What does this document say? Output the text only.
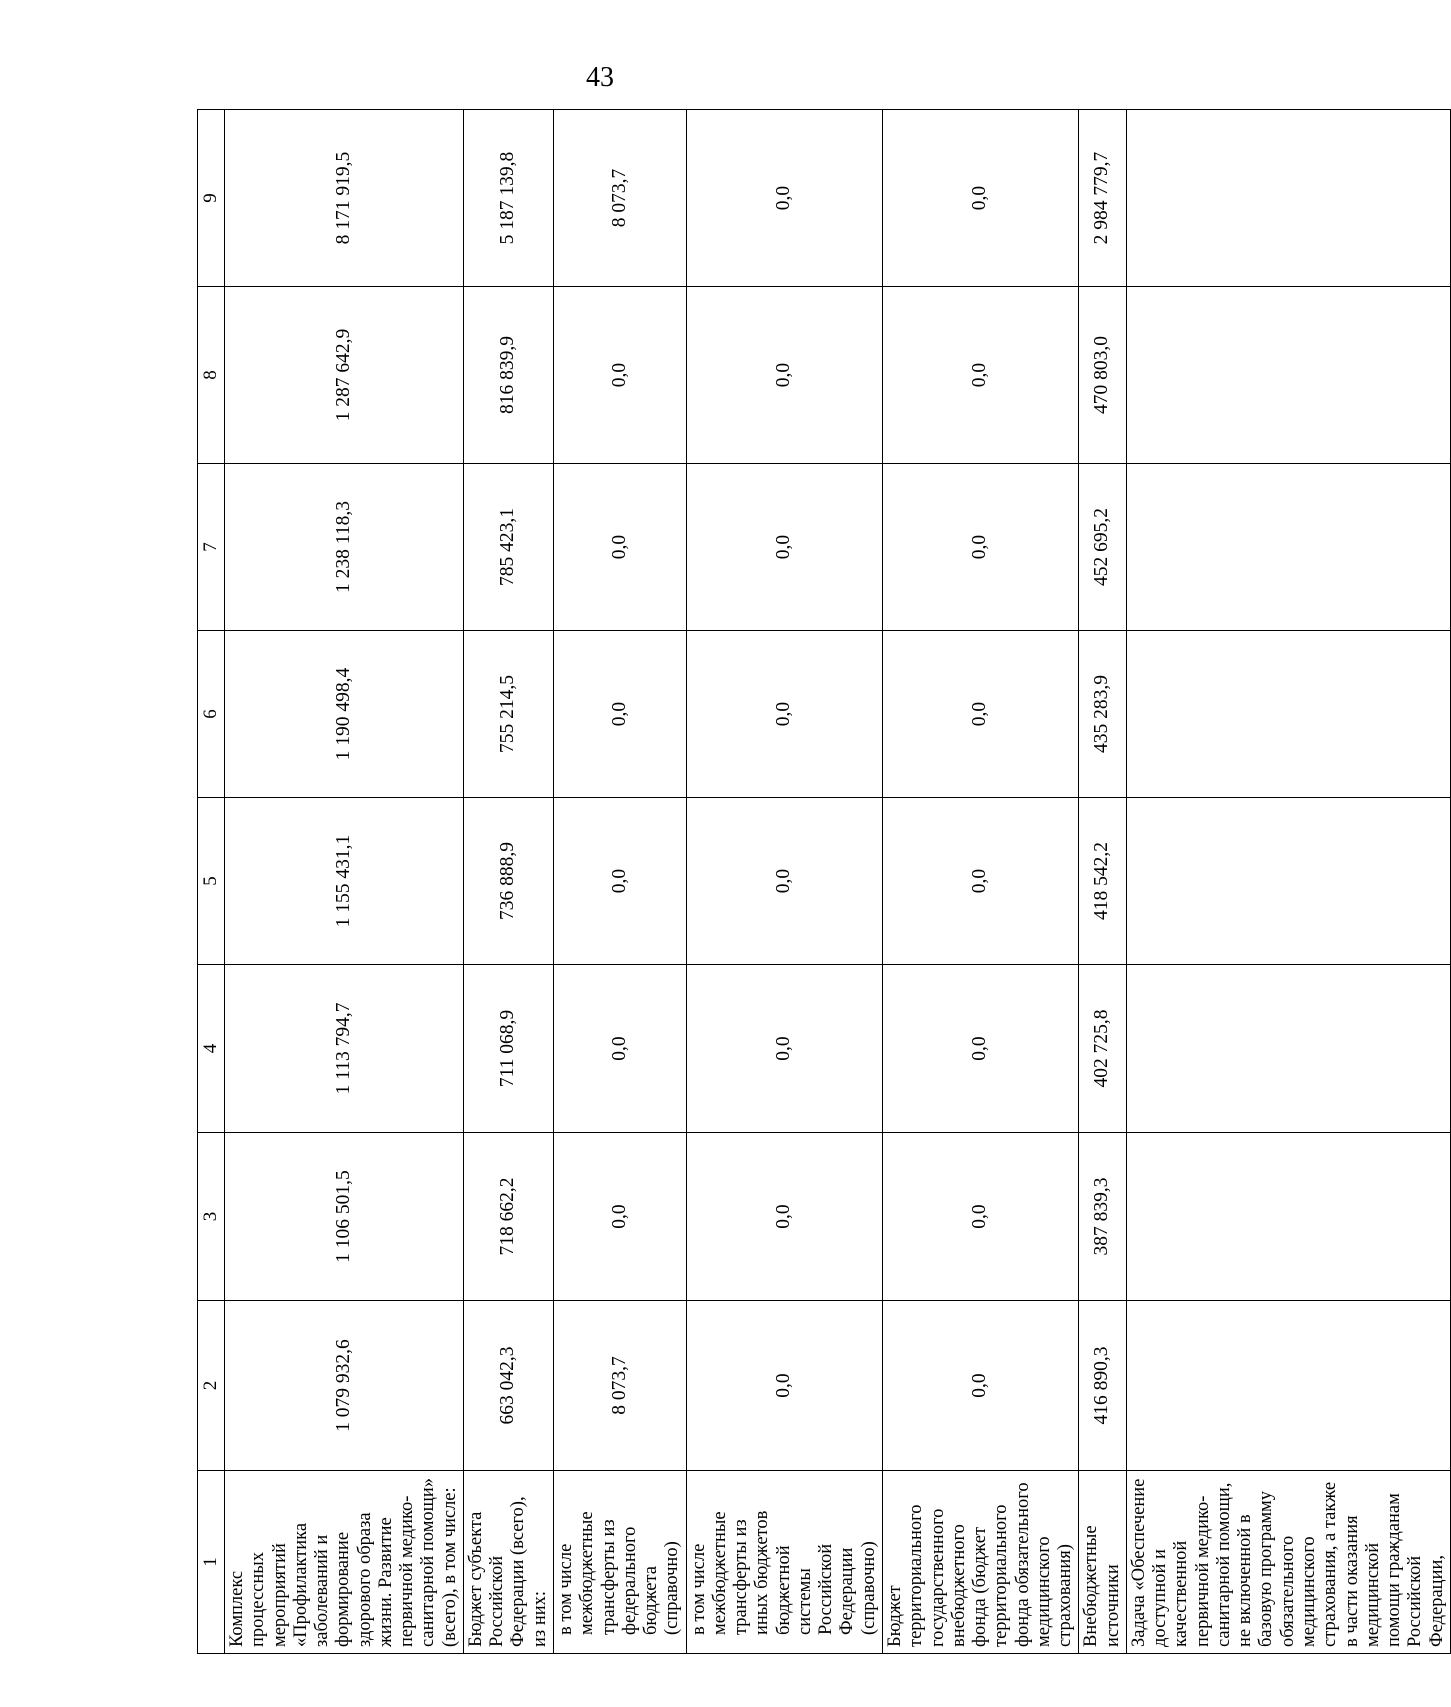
43
1	2	3	4	5	6	7	8	9
Комплекс процессных мероприятий «Профилактика заболеваний и формирование здорового образа жизни. Развитие первичной медико-санитарной помощи» (всего), в том числе:	1 079 932,6	1 106 501,5	1 113 794,7	1 155 431,1	1 190 498,4	1 238 118,3	1 287 642,9	8 171 919,5
Бюджет субъекта Российской Федерации (всего), из них:	663 042,3	718 662,2	711 068,9	736 888,9	755 214,5	785 423,1	816 839,9	5 187 139,8
в том числе межбюджетные трансферты из федерального бюджета (справочно)	8 073,7	0,0	0,0	0,0	0,0	0,0	0,0	8 073,7
в том числе межбюджетные трансферты из иных бюджетов бюджетной системы Российской Федерации (справочно)	0,0	0,0	0,0	0,0	0,0	0,0	0,0	0,0
Бюджет территориального государственного внебюджетного фонда (бюджет территориального фонда обязательного медицинского страхования)	0,0	0,0	0,0	0,0	0,0	0,0	0,0	0,0
Внебюджетные источники	416 890,3	387 839,3	402 725,8	418 542,2	435 283,9	452 695,2	470 803,0	2 984 779,7
Задача «Обеспечение доступной и качественной первичной медико-санитарной помощи, не включенной в базовую программу обязательного медицинского страхования, а также в части оказания медицинской помощи гражданам Российской Федерации,								
